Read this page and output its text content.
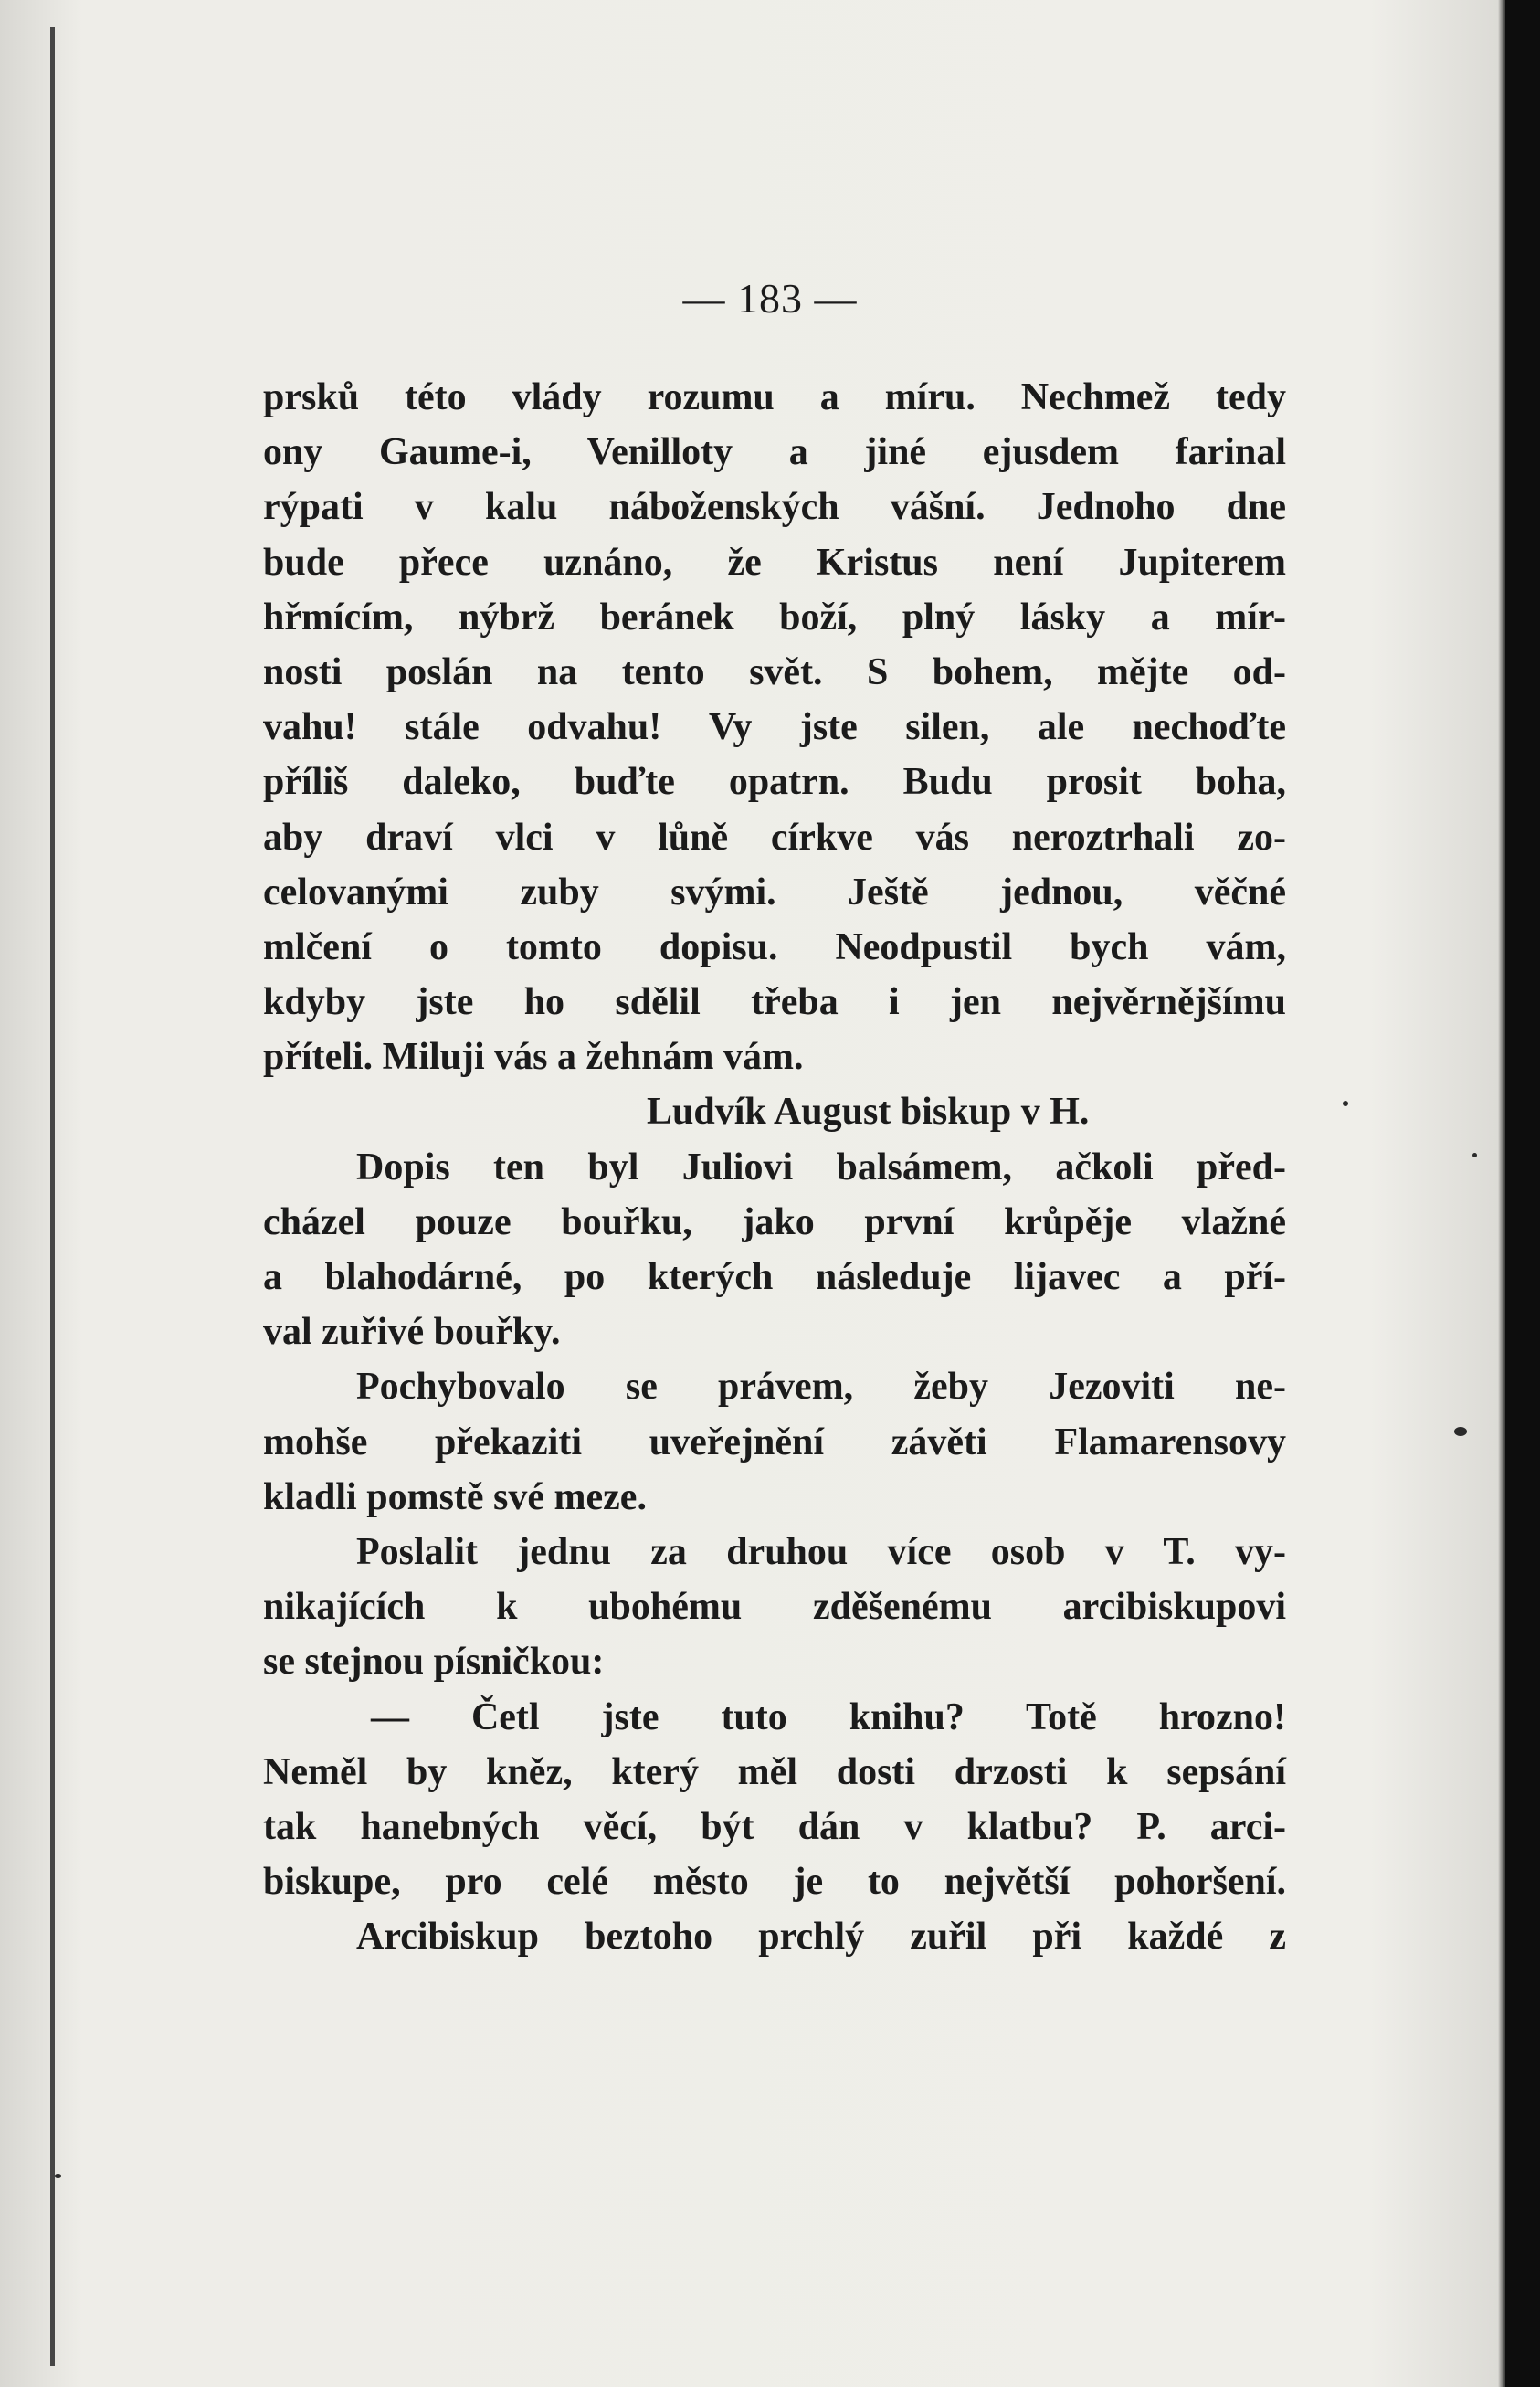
— 183 —
prsků této vlády rozumu a míru. Nechmež tedy
ony Gaume-i, Venilloty a jiné ejusdem farinal
rýpati v kalu náboženských vášní. Jednoho dne
bude přece uznáno, že Kristus není Jupiterem
hřmícím, nýbrž beránek boží, plný lásky a mír-
nosti poslán na tento svět. S bohem, mějte od-
vahu! stále odvahu! Vy jste silen, ale nechoďte
příliš daleko, buďte opatrn. Budu prosit boha,
aby draví vlci v lůně církve vás neroztrhali zo-
celovanými zuby svými. Ještě jednou, věčné
mlčení o tomto dopisu. Neodpustil bych vám,
kdyby jste ho sdělil třeba i jen nejvěrnějšímu
příteli. Miluji vás a žehnám vám.
Ludvík August biskup v H.
Dopis ten byl Juliovi balsámem, ačkoli před-
cházel pouze bouřku, jako první krůpěje vlažné
a blahodárné, po kterých následuje lijavec a pří-
val zuřivé bouřky.
Pochybovalo se právem, žeby Jezoviti ne-
mohše překaziti uveřejnění závěti Flamarensovy
kladli pomstě své meze.
Poslalit jednu za druhou více osob v T. vy-
nikajících k ubohému zděšenému arcibiskupovi
se stejnou písničkou:
— Četl jste tuto knihu? Totě hrozno!
Neměl by kněz, který měl dosti drzosti k sepsání
tak hanebných věcí, být dán v klatbu? P. arci-
biskupe, pro celé město je to největší pohoršení.
Arcibiskup beztoho prchlý zuřil při každé z
